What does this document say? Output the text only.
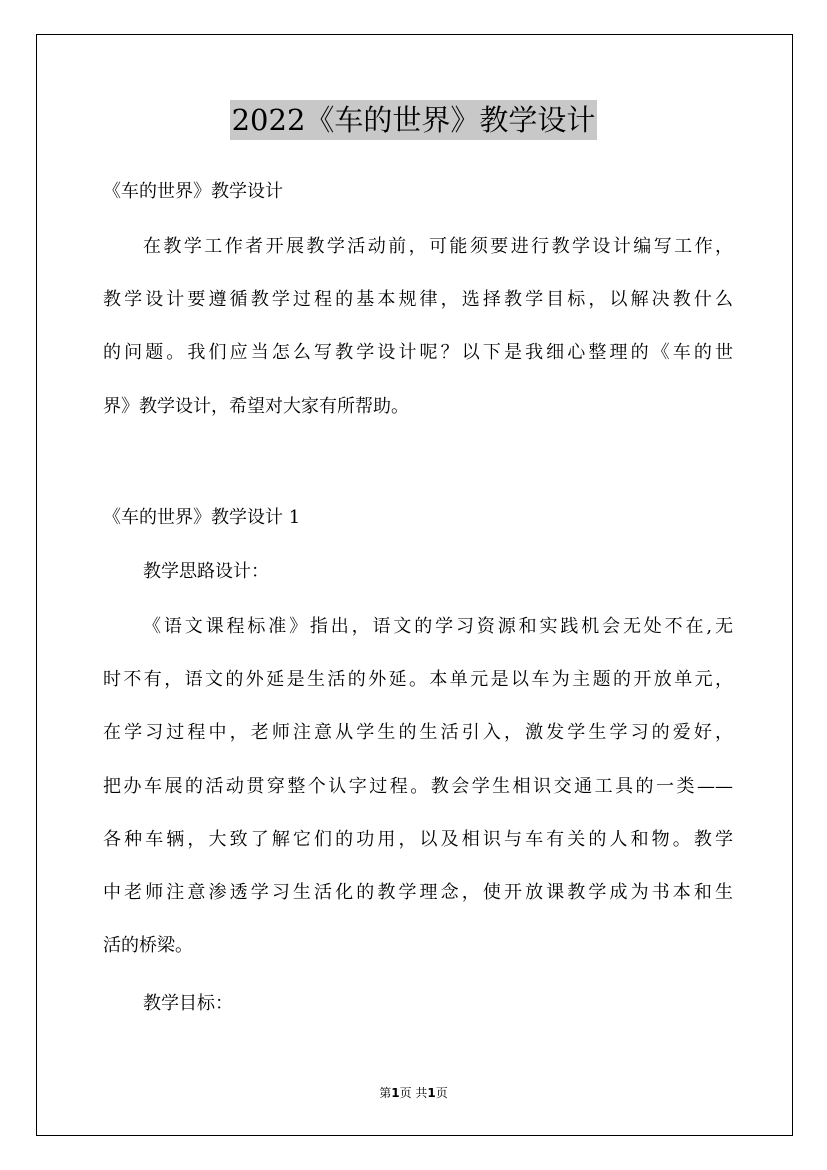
2022《车的世界》教学设计
《车的世界》教学设计
在教学工作者开展教学活动前，可能须要进行教学设计编写工作，
教学设计要遵循教学过程的基本规律，选择教学目标，以解决教什么
的问题。我们应当怎么写教学设计呢？以下是我细心整理的《车的世
界》教学设计，希望对大家有所帮助。
《车的世界》教学设计 1
教学思路设计：
《语文课程标准》指出，语文的学习资源和实践机会无处不在,无
时不有，语文的外延是生活的外延。本单元是以车为主题的开放单元，
在学习过程中，老师注意从学生的生活引入，激发学生学习的爱好，
把办车展的活动贯穿整个认字过程。教会学生相识交通工具的一类——
各种车辆，大致了解它们的功用，以及相识与车有关的人和物。教学
中老师注意渗透学习生活化的教学理念，使开放课教学成为书本和生
活的桥梁。
教学目标：
第1页 共1页
